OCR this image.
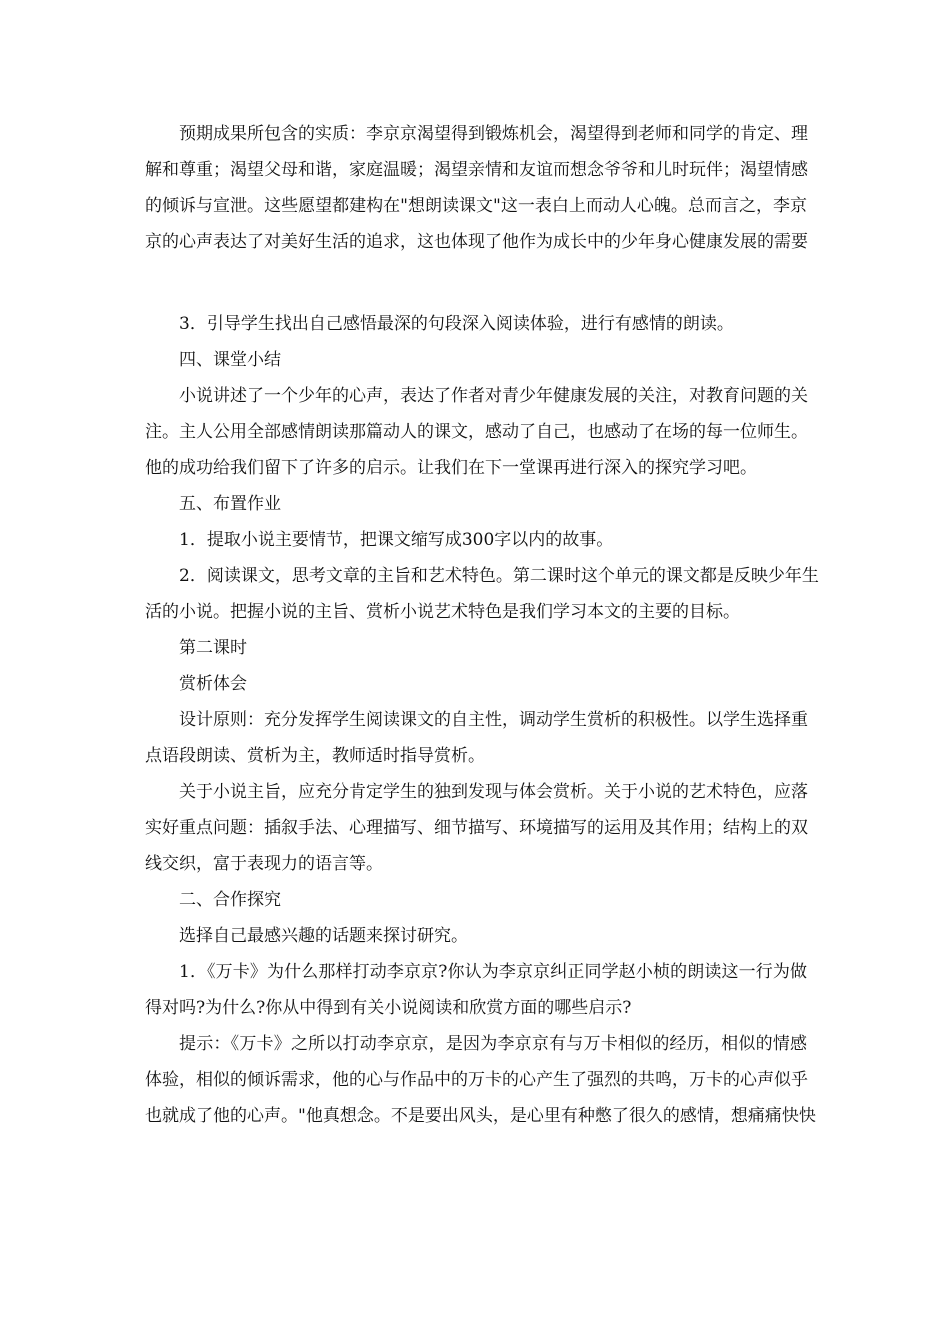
预期成果所包含的实质：李京京渴望得到锻炼机会，渴望得到老师和同学的肯定、理
解和尊重；渴望父母和谐，家庭温暖；渴望亲情和友谊而想念爷爷和儿时玩伴；渴望情感
的倾诉与宣泄。这些愿望都建构在"想朗读课文"这一表白上而动人心魄。总而言之，李京
京的心声表达了对美好生活的追求，这也体现了他作为成长中的少年身心健康发展的需要
3．引导学生找出自己感悟最深的句段深入阅读体验，进行有感情的朗读。
四、课堂小结
小说讲述了一个少年的心声，表达了作者对青少年健康发展的关注，对教育问题的关
注。主人公用全部感情朗读那篇动人的课文，感动了自己，也感动了在场的每一位师生。
他的成功给我们留下了许多的启示。让我们在下一堂课再进行深入的探究学习吧。
五、布置作业
1．提取小说主要情节，把课文缩写成300字以内的故事。
2．阅读课文，思考文章的主旨和艺术特色。第二课时这个单元的课文都是反映少年生
活的小说。把握小说的主旨、赏析小说艺术特色是我们学习本文的主要的目标。
第二课时
赏析体会
设计原则：充分发挥学生阅读课文的自主性，调动学生赏析的积极性。以学生选择重
点语段朗读、赏析为主，教师适时指导赏析。
关于小说主旨，应充分肯定学生的独到发现与体会赏析。关于小说的艺术特色，应落
实好重点问题：插叙手法、心理描写、细节描写、环境描写的运用及其作用；结构上的双
线交织，富于表现力的语言等。
二、合作探究
选择自己最感兴趣的话题来探讨研究。
1．《万卡》为什么那样打动李京京?你认为李京京纠正同学赵小桢的朗读这一行为做
得对吗?为什么?你从中得到有关小说阅读和欣赏方面的哪些启示?
提示：《万卡》之所以打动李京京，是因为李京京有与万卡相似的经历，相似的情感
体验，相似的倾诉需求，他的心与作品中的万卡的心产生了强烈的共鸣，万卡的心声似乎
也就成了他的心声。"他真想念。不是要出风头，是心里有种憋了很久的感情，想痛痛快快
